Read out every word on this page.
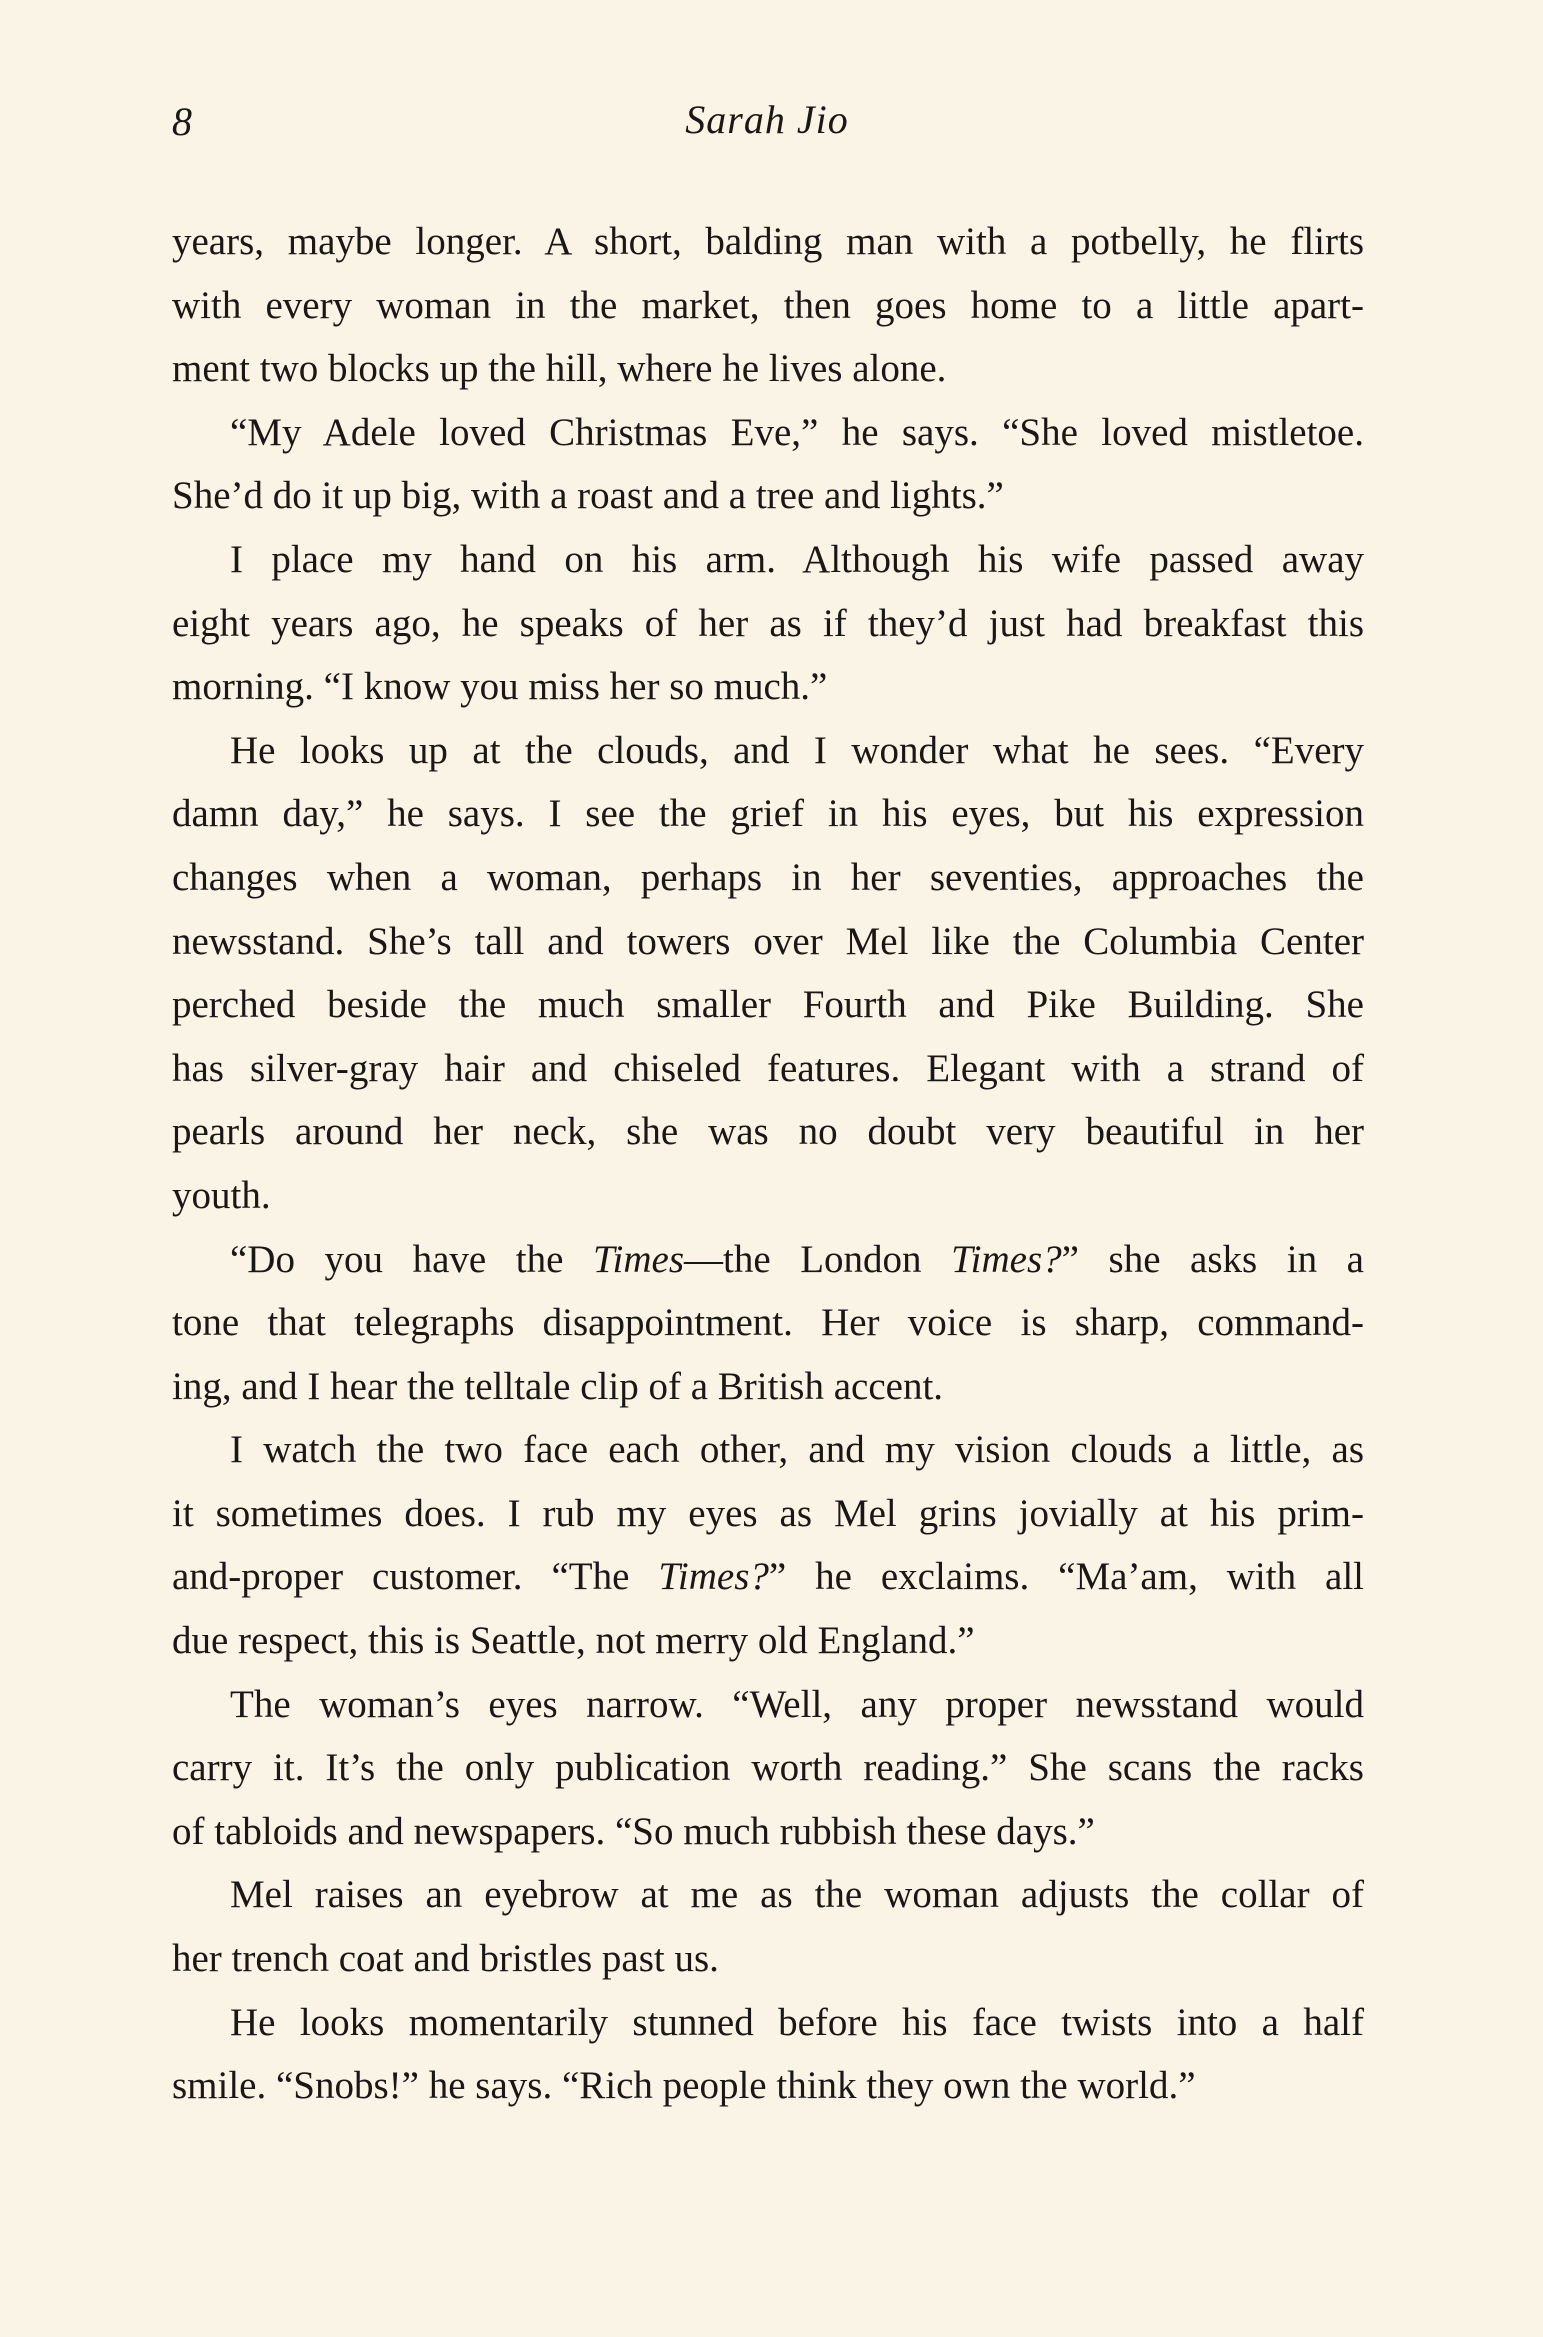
8	Sarah Jio
years, maybe longer. A short, balding man with a potbelly, he flirts
with every woman in the market, then goes home to a little apart-
ment two blocks up the hill, where he lives alone.
“My Adele loved Christmas Eve,” he says. “She loved mistletoe.
She’d do it up big, with a roast and a tree and lights.”
I place my hand on his arm. Although his wife passed away
eight years ago, he speaks of her as if they’d just had breakfast this
morning. “I know you miss her so much.”
He looks up at the clouds, and I wonder what he sees. “Every
damn day,” he says. I see the grief in his eyes, but his expression
changes when a woman, perhaps in her seventies, approaches the
newsstand. She’s tall and towers over Mel like the Columbia Center
perched beside the much smaller Fourth and Pike Building. She
has silver-gray hair and chiseled features. Elegant with a strand of
pearls around her neck, she was no doubt very beautiful in her
youth.
“Do you have the Times—the London Times?” she asks in a
tone that telegraphs disappointment. Her voice is sharp, command-
ing, and I hear the telltale clip of a British accent.
I watch the two face each other, and my vision clouds a little, as
it sometimes does. I rub my eyes as Mel grins jovially at his prim-
and-proper customer. “The Times?” he exclaims. “Ma’am, with all
due respect, this is Seattle, not merry old England.”
The woman’s eyes narrow. “Well, any proper newsstand would
carry it. It’s the only publication worth reading.” She scans the racks
of tabloids and newspapers. “So much rubbish these days.”
Mel raises an eyebrow at me as the woman adjusts the collar of
her trench coat and bristles past us.
He looks momentarily stunned before his face twists into a half
smile. “Snobs!” he says. “Rich people think they own the world.”
